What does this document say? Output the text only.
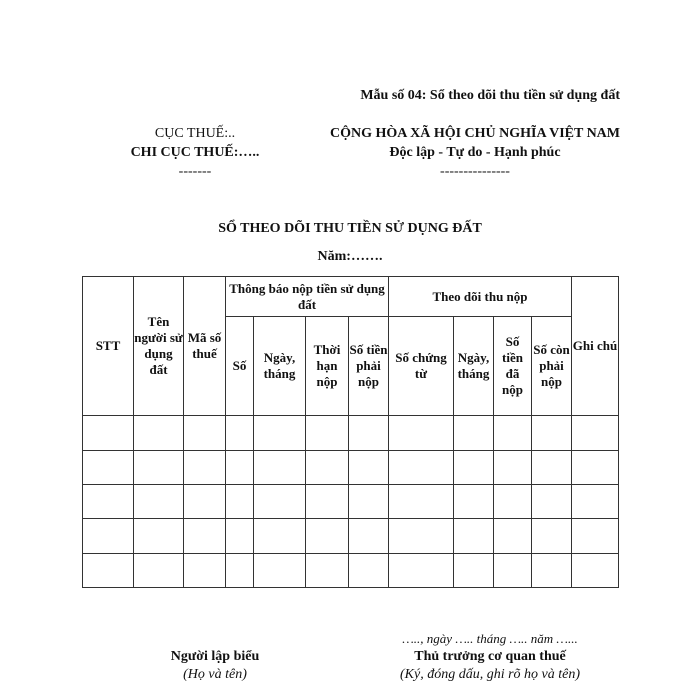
Mẫu số 04: Sổ theo dõi thu tiền sử dụng đất
CỤC THUẾ:..
CHI CỤC THUẾ:…..
-------
CỘNG HÒA XÃ HỘI CHỦ NGHĨA VIỆT NAM
Độc lập - Tự do - Hạnh phúc
---------------
SỔ THEO DÕI THU TIỀN SỬ DỤNG ĐẤT
Năm:…….
STT	Tên người sử dụng đất	Mã số thuế	Thông báo nộp tiền sử dụng đất				Theo dõi thu nộp				Ghi chú
			Số	Ngày, tháng	Thời hạn nộp	Số tiền phải nộp	Số chứng từ	Ngày, tháng	Số tiền đã nộp	Số còn phải nộp	

….., ngày ….. tháng ….. năm …...
Người lập biểu
(Họ và tên)
Thủ trưởng cơ quan thuế
(Ký, đóng dấu, ghi rõ họ và tên)
